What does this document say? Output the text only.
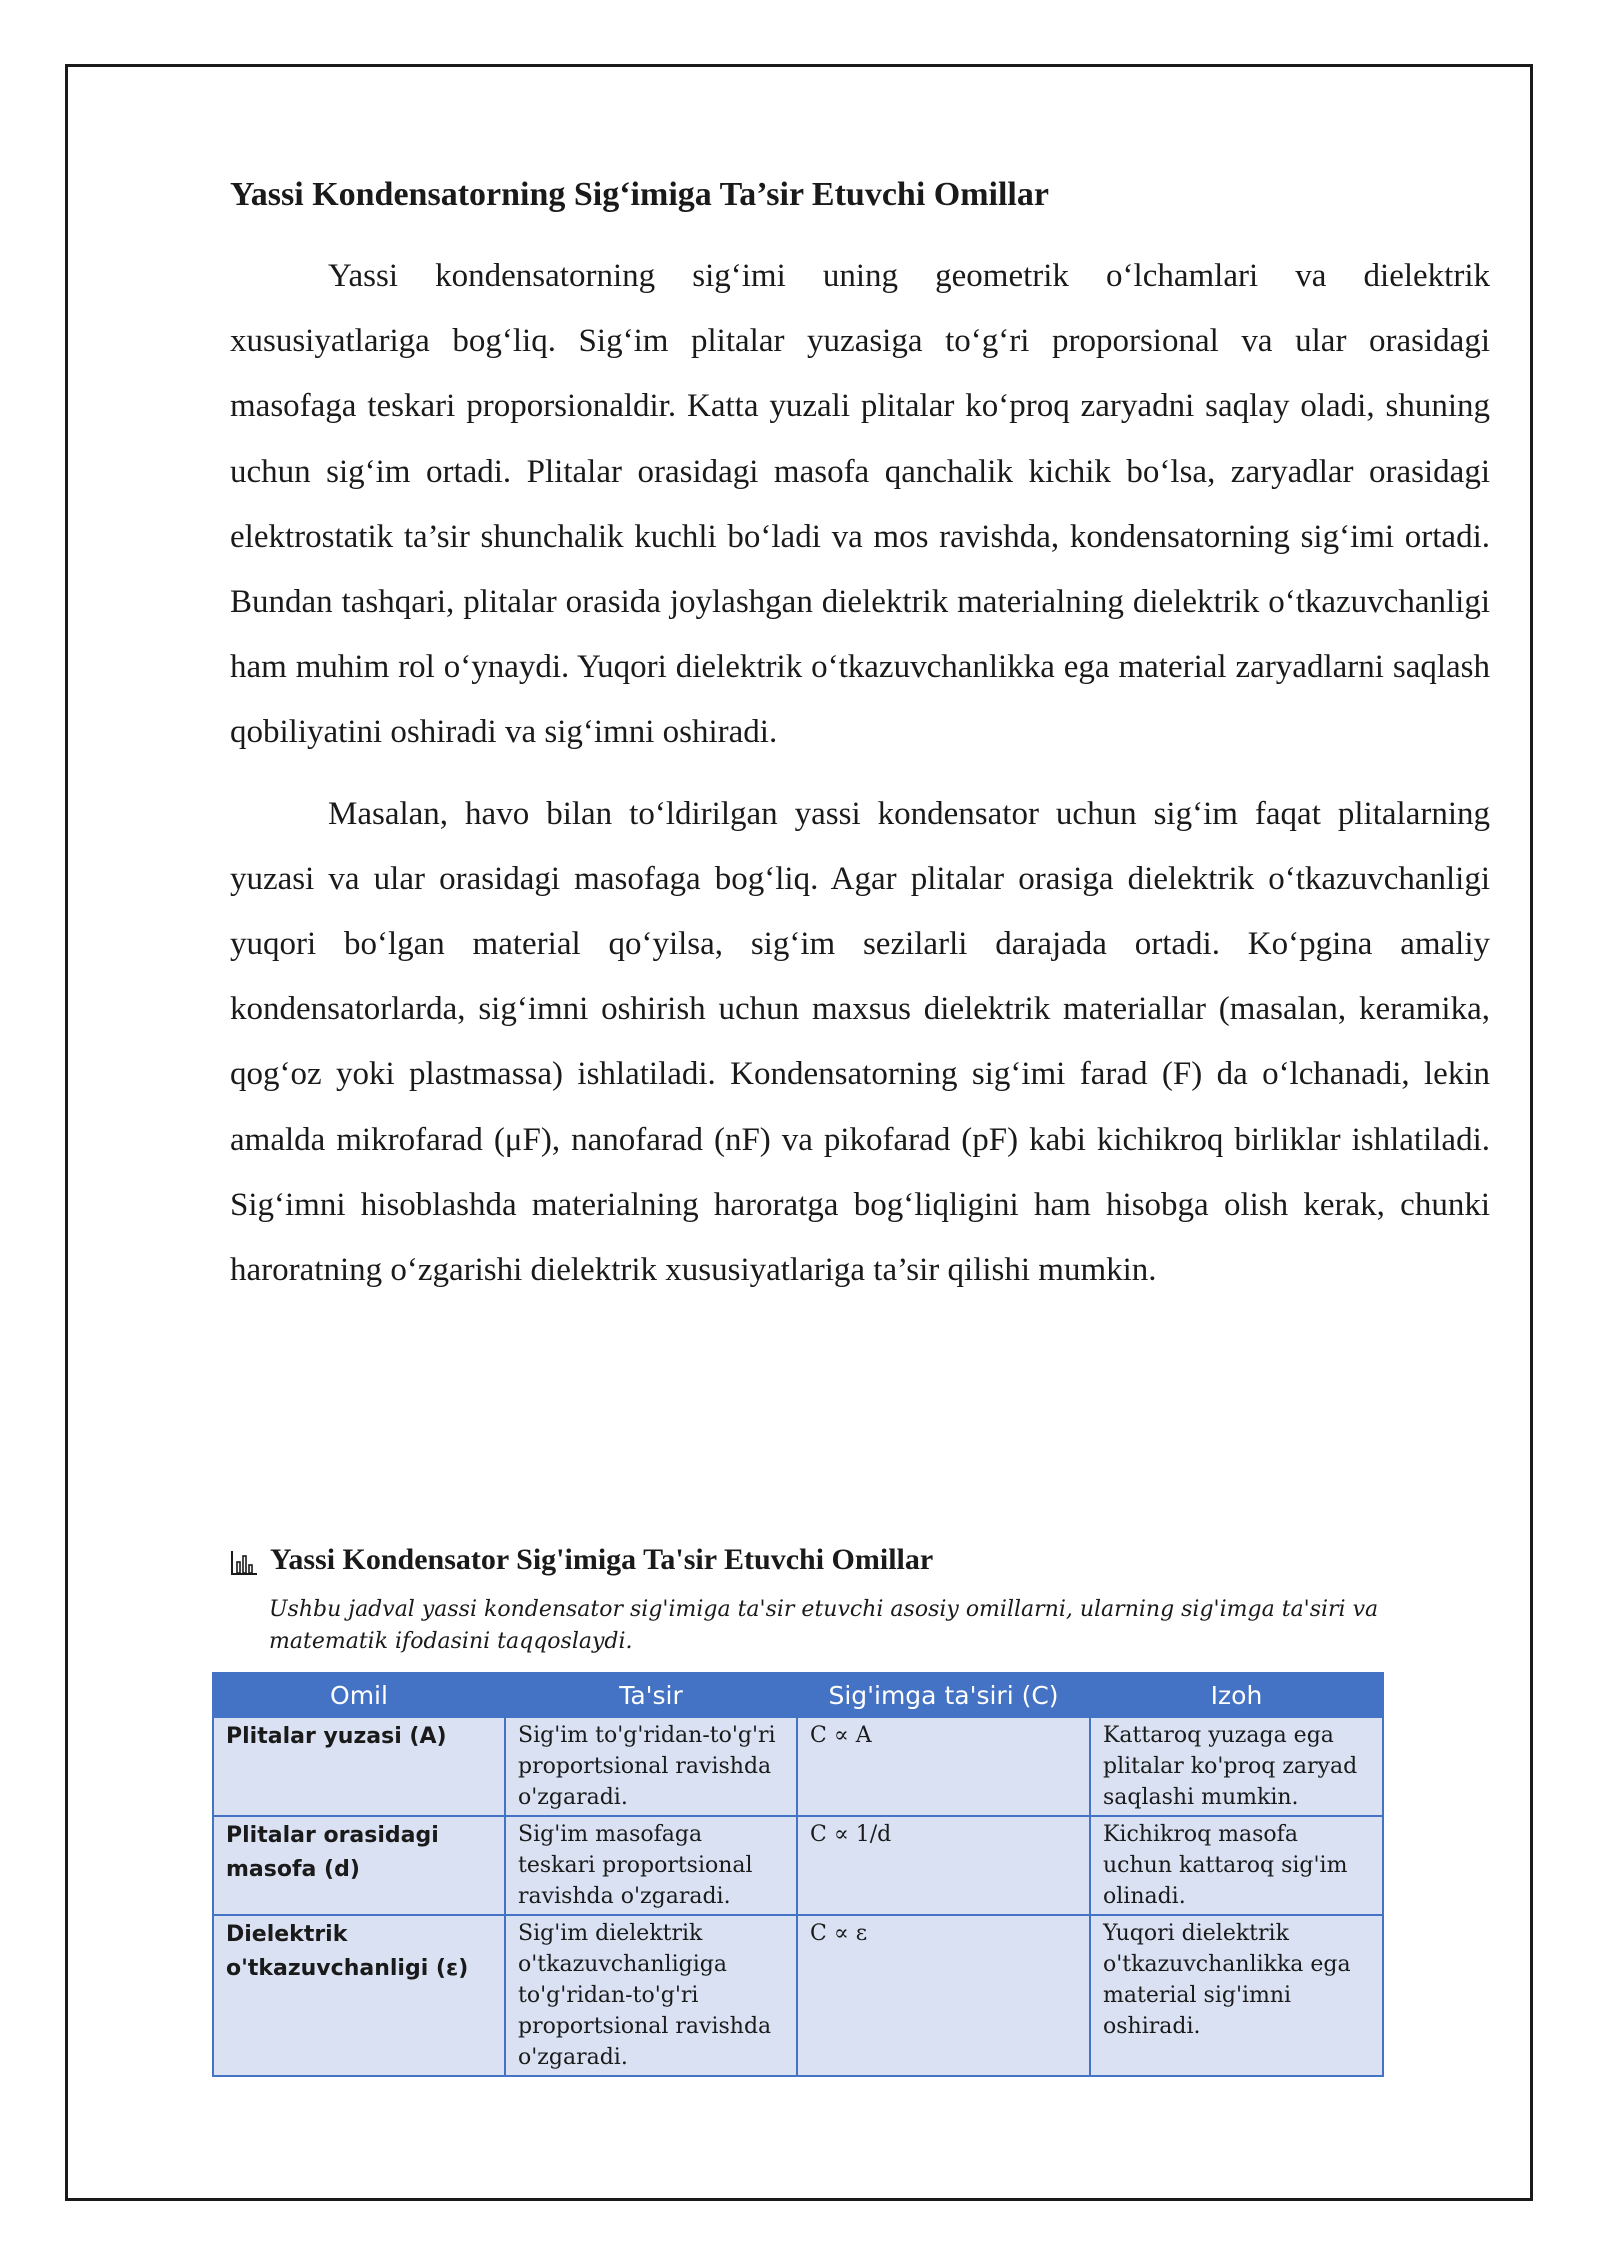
Yassi Kondensatorning Sig‘imiga Ta’sir Etuvchi Omillar

Yassi kondensatorning sig‘imi uning geometrik o‘lchamlari va dielektrik xususiyatlariga bog‘liq. Sig‘im plitalar yuzasiga to‘g‘ri proporsional va ular orasidagi masofaga teskari proporsionaldir. Katta yuzali plitalar ko‘proq zaryadni saqlay oladi, shuning uchun sig‘im ortadi. Plitalar orasidagi masofa qanchalik kichik bo‘lsa, zaryadlar orasidagi elektrostatik ta’sir shunchalik kuchli bo‘ladi va mos ravishda, kondensatorning sig‘imi ortadi. Bundan tashqari, plitalar orasida joylashgan dielektrik materialning dielektrik o‘tkazuvchanligi ham muhim rol o‘ynaydi. Yuqori dielektrik o‘tkazuvchanlikka ega material zaryadlarni saqlash qobiliyatini oshiradi va sig‘imni oshiradi.

Masalan, havo bilan to‘ldirilgan yassi kondensator uchun sig‘im faqat plitalarning yuzasi va ular orasidagi masofaga bog‘liq. Agar plitalar orasiga dielektrik o‘tkazuvchanligi yuqori bo‘lgan material qo‘yilsa, sig‘im sezilarli darajada ortadi. Ko‘pgina amaliy kondensatorlarda, sig‘imni oshirish uchun maxsus dielektrik materiallar (masalan, keramika, qog‘oz yoki plastmassa) ishlatiladi. Kondensatorning sig‘imi farad (F) da o‘lchanadi, lekin amalda mikrofarad (μF), nanofarad (nF) va pikofarad (pF) kabi kichikroq birliklar ishlatiladi. Sig‘imni hisoblashda materialning haroratga bog‘liqligini ham hisobga olish kerak, chunki haroratning o‘zgarishi dielektrik xususiyatlariga ta’sir qilishi mumkin.

Yassi Kondensator Sig'imiga Ta'sir Etuvchi Omillar
Ushbu jadval yassi kondensator sig'imiga ta'sir etuvchi asosiy omillarni, ularning sig'imga ta'siri va matematik ifodasini taqqoslaydi.
Omil	Ta'sir	Sig'imga ta'siri (C)	Izoh
Plitalar yuzasi (A)	Sig'im to'g'ridan-to'g'ri proportsional ravishda o'zgaradi.	C ∝ A	Kattaroq yuzaga ega plitalar ko'proq zaryad saqlashi mumkin.
Plitalar orasidagi masofa (d)	Sig'im masofaga teskari proportsional ravishda o'zgaradi.	C ∝ 1/d	Kichikroq masofa uchun kattaroq sig'im olinadi.
Dielektrik o'tkazuvchanligi (ε)	Sig'im dielektrik o'tkazuvchanligiga to'g'ridan-to'g'ri proportsional ravishda o'zgaradi.	C ∝ ε	Yuqori dielektrik o'tkazuvchanlikka ega material sig'imni oshiradi.
